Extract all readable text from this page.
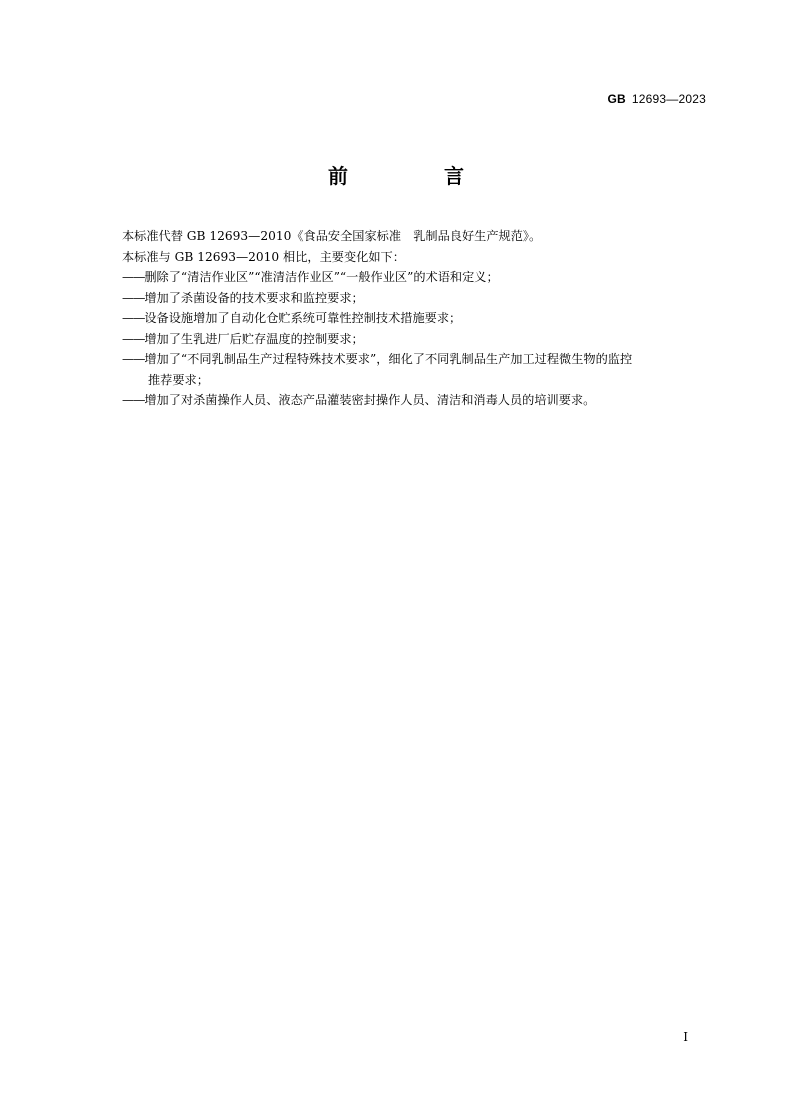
GB 12693—2023
前　言

本标准代替 GB 12693—2010《食品安全国家标准　乳制品良好生产规范》。

本标准与 GB 12693—2010 相比，主要变化如下：

——删除了“清洁作业区”“准清洁作业区”“一般作业区”的术语和定义；
——增加了杀菌设备的技术要求和监控要求；
——设备设施增加了自动化仓贮系统可靠性控制技术措施要求；
——增加了生乳进厂后贮存温度的控制要求；
——增加了“不同乳制品生产过程特殊技术要求”，细化了不同乳制品生产加工过程微生物的监控
推荐要求；
——增加了对杀菌操作人员、液态产品灌装密封操作人员、清洁和消毒人员的培训要求。
I
